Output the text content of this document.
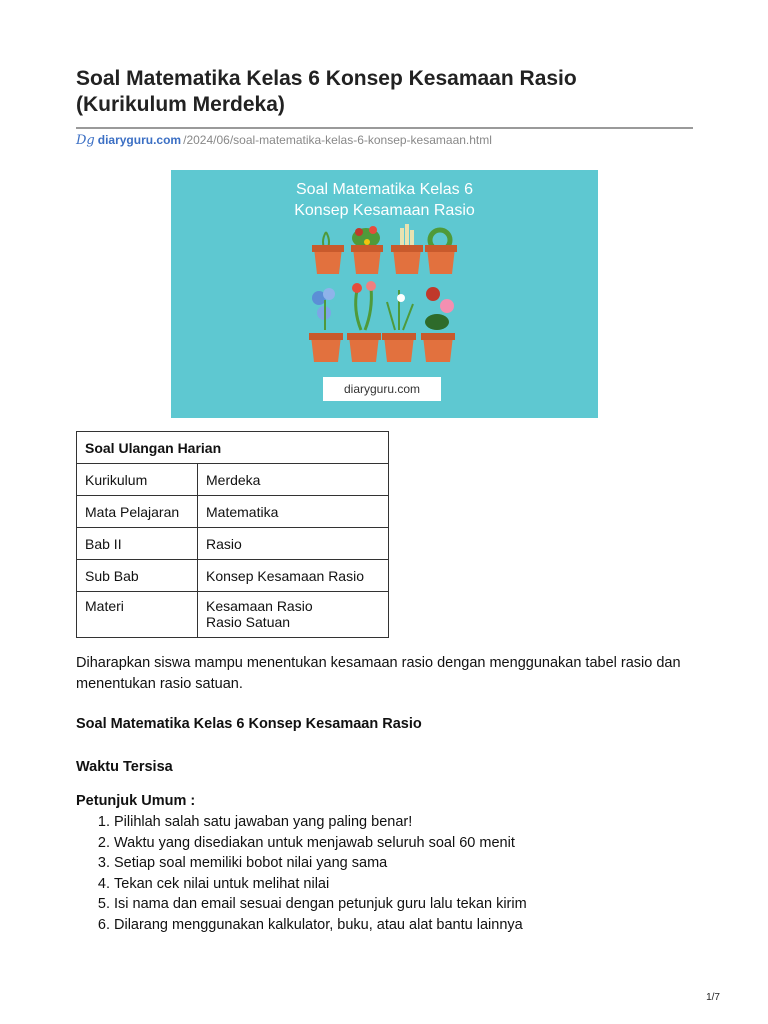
Soal Matematika Kelas 6 Konsep Kesamaan Rasio (Kurikulum Merdeka)
Dg diaryguru.com /2024/06/soal-matematika-kelas-6-konsep-kesamaan.html
Soal Matematika Kelas 6
Konsep Kesamaan Rasio
diaryguru.com
Soal Ulangan Harian	
Kurikulum	Merdeka
Mata Pelajaran	Matematika
Bab II	Rasio
Sub Bab	Konsep Kesamaan Rasio
Materi	Kesamaan Rasio
Rasio Satuan

Diharapkan siswa mampu menentukan kesamaan rasio dengan menggunakan tabel rasio dan menentukan rasio satuan.

Soal Matematika Kelas 6 Konsep Kesamaan Rasio

Waktu Tersisa

Petunjuk Umum :

1. Pilihlah salah satu jawaban yang paling benar!
2. Waktu yang disediakan untuk menjawab seluruh soal 60 menit
3. Setiap soal memiliki bobot nilai yang sama
4. Tekan cek nilai untuk melihat nilai
5. Isi nama dan email sesuai dengan petunjuk guru lalu tekan kirim
6. Dilarang menggunakan kalkulator, buku, atau alat bantu lainnya
1/7
